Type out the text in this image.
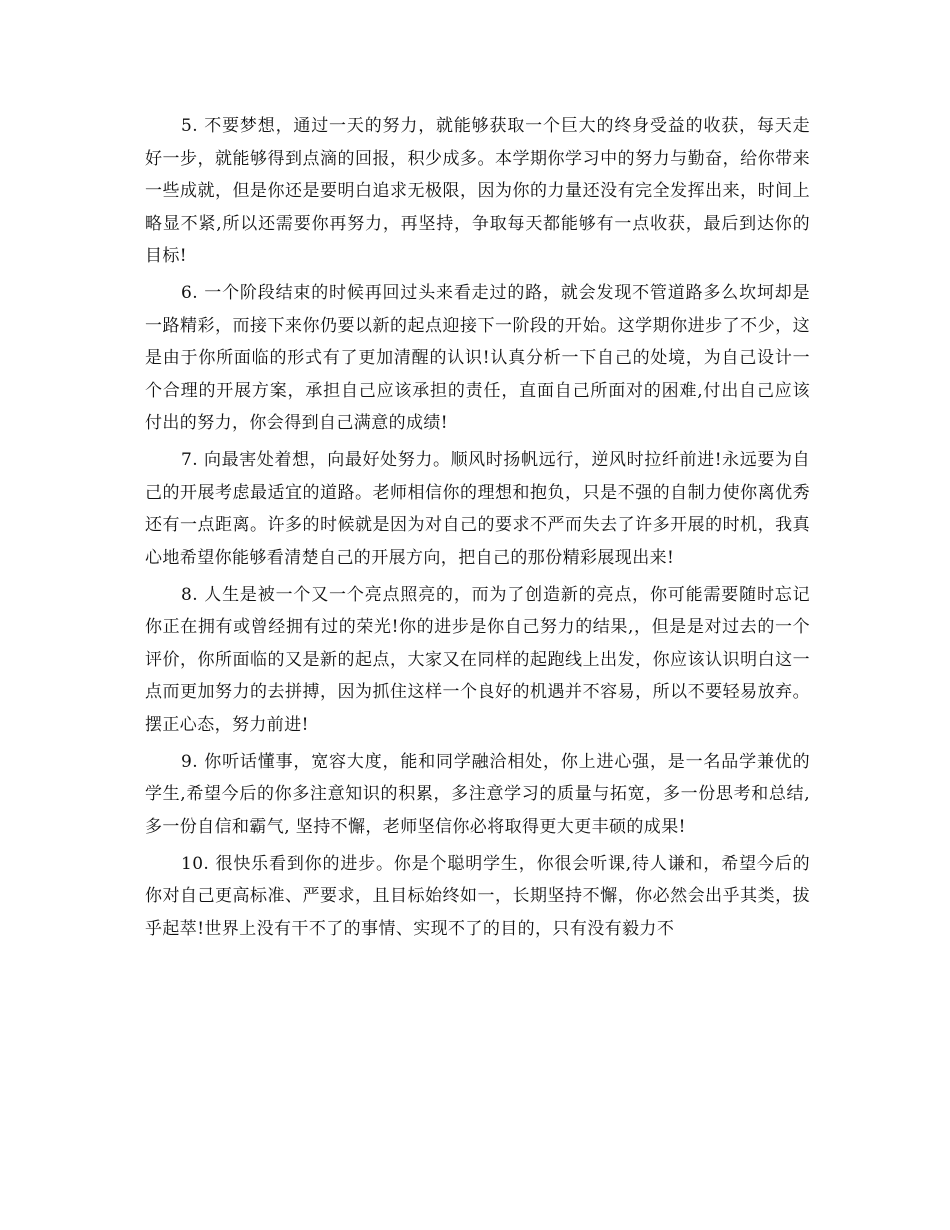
5. 不要梦想，通过一天的努力，就能够获取一个巨大的终身受益的收获，每天走好一步，就能够得到点滴的回报，积少成多。本学期你学习中的努力与勤奋，给你带来一些成就，但是你还是要明白追求无极限，因为你的力量还没有完全发挥出来，时间上略显不紧,所以还需要你再努力，再坚持，争取每天都能够有一点收获，最后到达你的目标!

6. 一个阶段结束的时候再回过头来看走过的路，就会发现不管道路多么坎坷却是一路精彩，而接下来你仍要以新的起点迎接下一阶段的开始。这学期你进步了不少，这是由于你所面临的形式有了更加清醒的认识!认真分析一下自己的处境，为自己设计一个合理的开展方案，承担自己应该承担的责任，直面自己所面对的困难,付出自己应该付出的努力，你会得到自己满意的成绩!

7. 向最害处着想，向最好处努力。顺风时扬帆远行，逆风时拉纤前进!永远要为自己的开展考虑最适宜的道路。老师相信你的理想和抱负，只是不强的自制力使你离优秀还有一点距离。许多的时候就是因为对自己的要求不严而失去了许多开展的时机，我真心地希望你能够看清楚自己的开展方向，把自己的那份精彩展现出来!

8. 人生是被一个又一个亮点照亮的，而为了创造新的亮点，你可能需要随时忘记你正在拥有或曾经拥有过的荣光!你的进步是你自己努力的结果,，但是是对过去的一个评价，你所面临的又是新的起点，大家又在同样的起跑线上出发，你应该认识明白这一点而更加努力的去拼搏，因为抓住这样一个良好的机遇并不容易，所以不要轻易放弃。摆正心态，努力前进!

9. 你听话懂事，宽容大度，能和同学融洽相处，你上进心强，是一名品学兼优的学生,希望今后的你多注意知识的积累，多注意学习的质量与拓宽，多一份思考和总结,多一份自信和霸气, 坚持不懈，老师坚信你必将取得更大更丰硕的成果!

10. 很快乐看到你的进步。你是个聪明学生，你很会听课,待人谦和，希望今后的你对自己更高标准、严要求，且目标始终如一，长期坚持不懈，你必然会出乎其类，拔乎起萃!世界上没有干不了的事情、实现不了的目的，只有没有毅力不
